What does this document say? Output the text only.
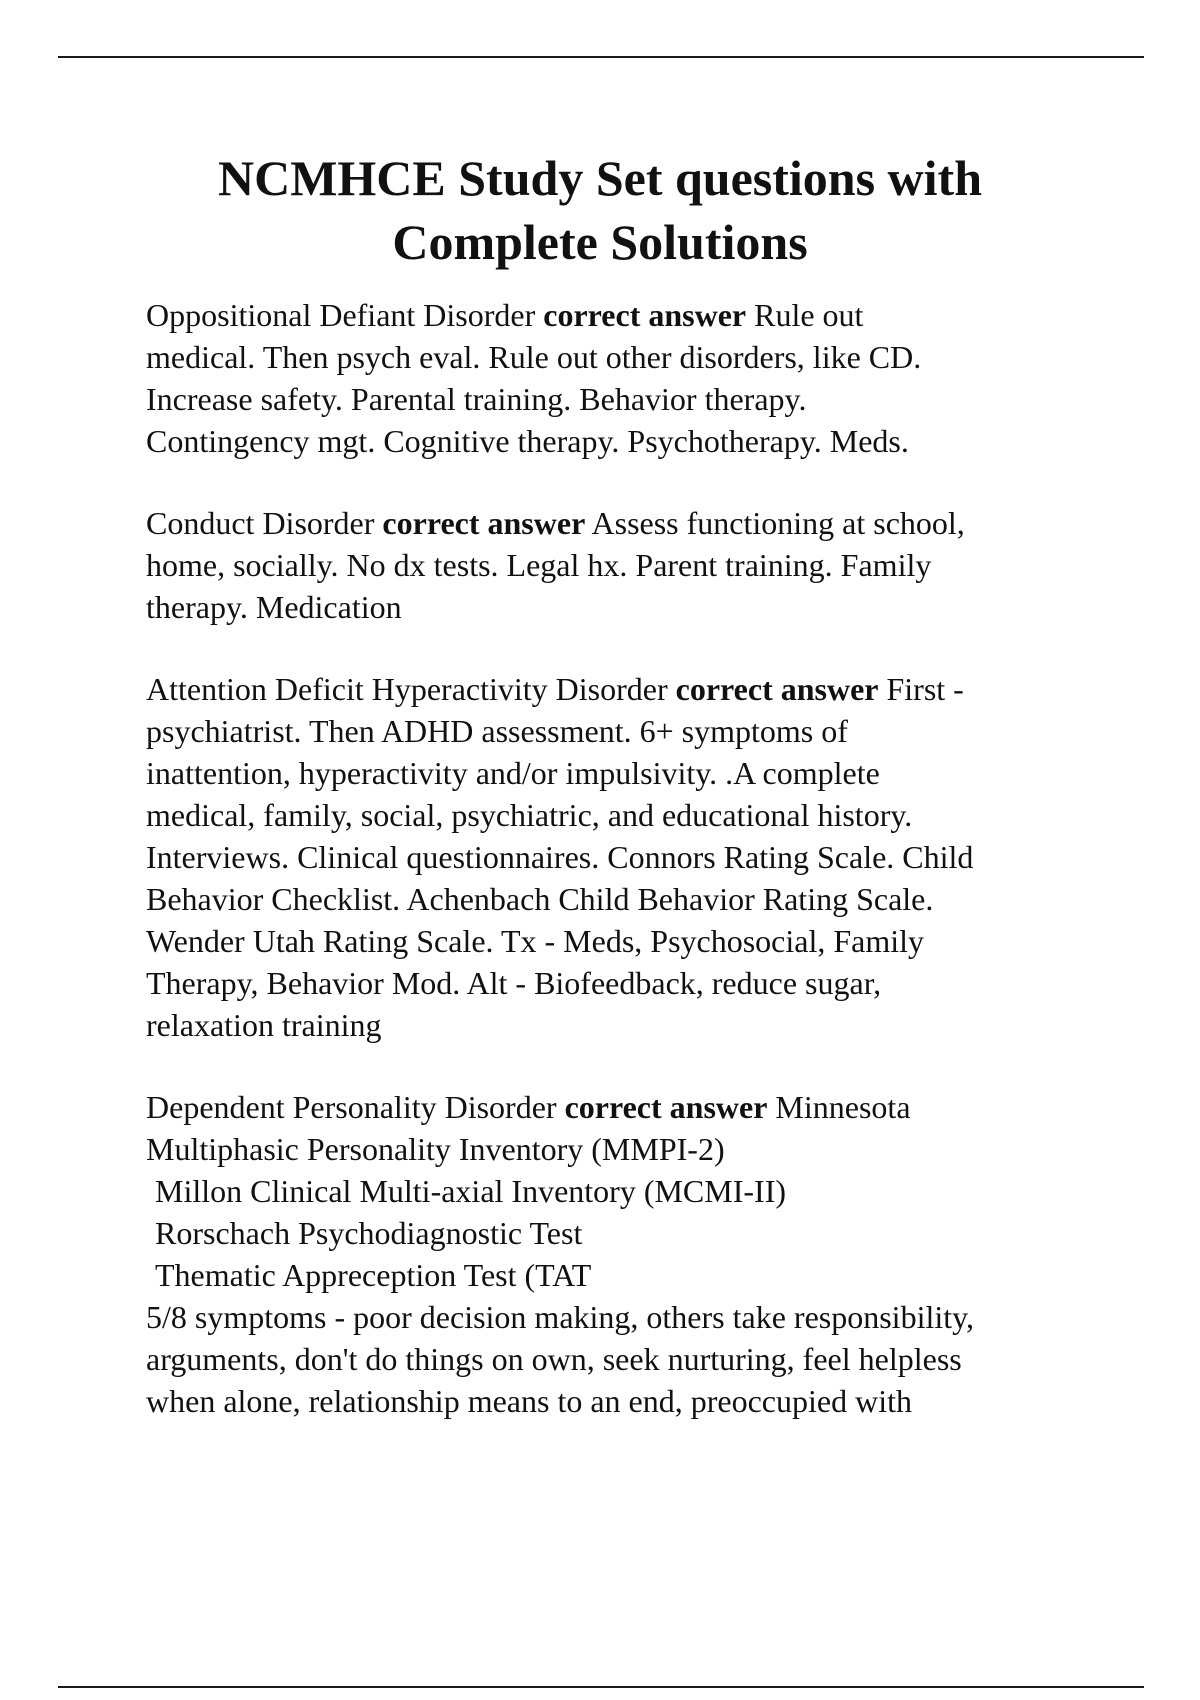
NCMHCE Study Set questions with
Complete Solutions
Oppositional Defiant Disorder correct answer Rule out
medical. Then psych eval. Rule out other disorders, like CD.
Increase safety. Parental training. Behavior therapy.
Contingency mgt. Cognitive therapy. Psychotherapy. Meds.
Conduct Disorder correct answer Assess functioning at school,
home, socially. No dx tests. Legal hx. Parent training. Family
therapy. Medication
Attention Deficit Hyperactivity Disorder correct answer First -
psychiatrist. Then ADHD assessment. 6+ symptoms of
inattention, hyperactivity and/or impulsivity. .A complete
medical, family, social, psychiatric, and educational history.
Interviews. Clinical questionnaires. Connors Rating Scale. Child
Behavior Checklist. Achenbach Child Behavior Rating Scale.
Wender Utah Rating Scale. Tx - Meds, Psychosocial, Family
Therapy, Behavior Mod. Alt - Biofeedback, reduce sugar,
relaxation training
Dependent Personality Disorder correct answer Minnesota
Multiphasic Personality Inventory (MMPI-2)
Millon Clinical Multi-axial Inventory (MCMI-II)
Rorschach Psychodiagnostic Test
Thematic Appreception Test (TAT
5/8 symptoms - poor decision making, others take responsibility,
arguments, don't do things on own, seek nurturing, feel helpless
when alone, relationship means to an end, preoccupied with
